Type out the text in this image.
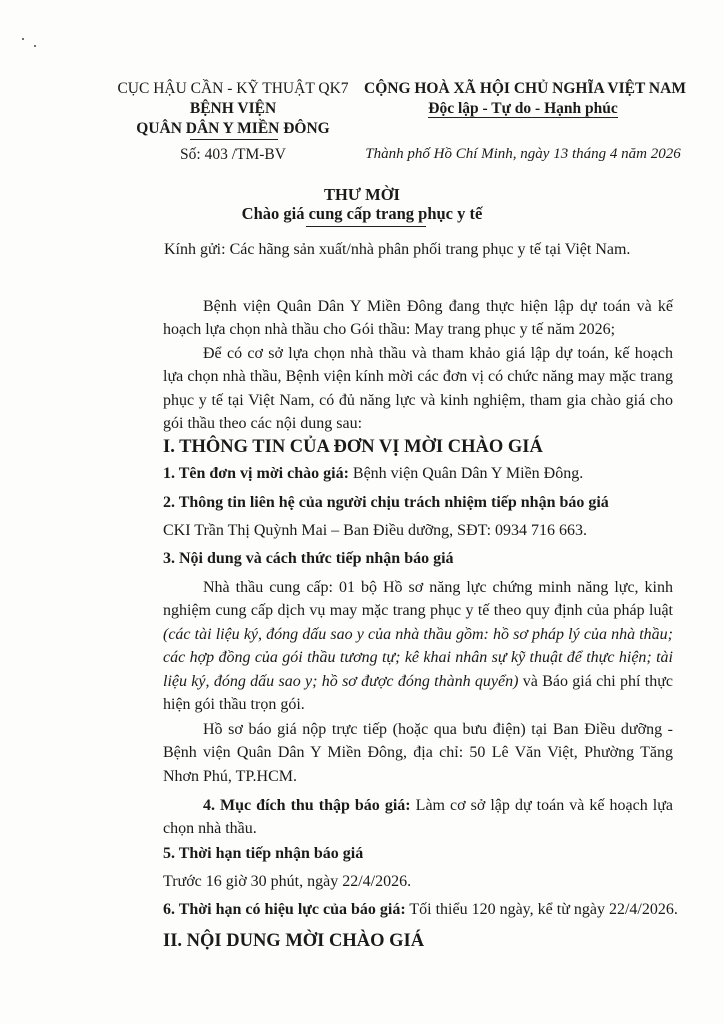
CỤC HẬU CẦN - KỸ THUẬT QK7
BỆNH VIỆN
QUÂN DÂN Y MIỀN ĐÔNG
Số: 403 /TM-BV
CỘNG HOÀ XÃ HỘI CHỦ NGHĨA VIỆT NAM
Độc lập - Tự do - Hạnh phúc
Thành phố Hồ Chí Minh, ngày 13 tháng 4 năm 2026
THƯ MỜI
Chào giá cung cấp trang phục y tế
Kính gửi: Các hãng sản xuất/nhà phân phối trang phục y tế tại Việt Nam.
Bệnh viện Quân Dân Y Miền Đông đang thực hiện lập dự toán và kế hoạch lựa chọn nhà thầu cho Gói thầu: May trang phục y tế năm 2026;
Để có cơ sở lựa chọn nhà thầu và tham khảo giá lập dự toán, kế hoạch lựa chọn nhà thầu, Bệnh viện kính mời các đơn vị có chức năng may mặc trang phục y tế tại Việt Nam, có đủ năng lực và kinh nghiệm, tham gia chào giá cho gói thầu theo các nội dung sau:
I. THÔNG TIN CỦA ĐƠN VỊ MỜI CHÀO GIÁ
1. Tên đơn vị mời chào giá: Bệnh viện Quân Dân Y Miền Đông.
2. Thông tin liên hệ của người chịu trách nhiệm tiếp nhận báo giá
CKI Trần Thị Quỳnh Mai – Ban Điều dưỡng, SĐT: 0934 716 663.
3. Nội dung và cách thức tiếp nhận báo giá
Nhà thầu cung cấp: 01 bộ Hồ sơ năng lực chứng minh năng lực, kinh nghiệm cung cấp dịch vụ may mặc trang phục y tế theo quy định của pháp luật (các tài liệu ký, đóng dấu sao y của nhà thầu gồm: hồ sơ pháp lý của nhà thầu; các hợp đồng của gói thầu tương tự; kê khai nhân sự kỹ thuật để thực hiện; tài liệu ký, đóng dấu sao y; hồ sơ được đóng thành quyển) và Báo giá chi phí thực hiện gói thầu trọn gói.
Hồ sơ báo giá nộp trực tiếp (hoặc qua bưu điện) tại Ban Điều dưỡng - Bệnh viện Quân Dân Y Miền Đông, địa chỉ: 50 Lê Văn Việt, Phường Tăng Nhơn Phú, TP.HCM.
4. Mục đích thu thập báo giá: Làm cơ sở lập dự toán và kế hoạch lựa chọn nhà thầu.
5. Thời hạn tiếp nhận báo giá
Trước 16 giờ 30 phút, ngày 22/4/2026.
6. Thời hạn có hiệu lực của báo giá: Tối thiểu 120 ngày, kể từ ngày 22/4/2026.
II. NỘI DUNG MỜI CHÀO GIÁ
